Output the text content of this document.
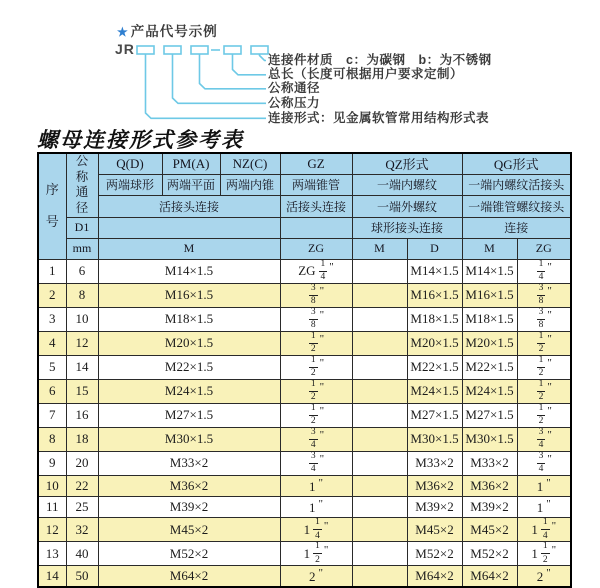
★ 产品代号示例
JR
连接件材质　c：为碳钢　b：为不锈钢
总长（长度可根据用户要求定制）
公称通径
公称压力
连接形式：见金属软管常用结构形式表
螺母连接形式参考表
序号	公称通径	Q(D)	PM(A)	NZ(C)	GZ	QZ形式		QG形式	
		两端球形	两端平面	两端内锥	两端锥管	一端内螺纹		一端内螺纹活接头	
		活接头连接			活接头连接	一端外螺纹		一端锥管螺纹接头	
	D1					球形接头连接		连接	
	mm	M			ZG	M	D	M	ZG
1	6	M14×1.5			ZG $\frac{1}{4}$ "		M14×1.5	M14×1.5	$\frac{1}{4}$ "
2	8	M16×1.5			$\frac{3}{8}$ "		M16×1.5	M16×1.5	$\frac{3}{8}$ "
3	10	M18×1.5			$\frac{3}{8}$ "		M18×1.5	M18×1.5	$\frac{3}{8}$ "
4	12	M20×1.5			$\frac{1}{2}$ "		M20×1.5	M20×1.5	$\frac{1}{2}$ "
5	14	M22×1.5			$\frac{1}{2}$ "		M22×1.5	M22×1.5	$\frac{1}{2}$ "
6	15	M24×1.5			$\frac{1}{2}$ "		M24×1.5	M24×1.5	$\frac{1}{2}$ "
7	16	M27×1.5			$\frac{1}{2}$ "		M27×1.5	M27×1.5	$\frac{1}{2}$ "
8	18	M30×1.5			$\frac{3}{4}$ "		M30×1.5	M30×1.5	$\frac{3}{4}$ "
9	20	M33×2			$\frac{3}{4}$ "		M33×2	M33×2	$\frac{3}{4}$ "
10	22	M36×2			1 "		M36×2	M36×2	1 "
11	25	M39×2			1 "		M39×2	M39×2	1 "
12	32	M45×2			$1 \frac{1}{4}$ "		M45×2	M45×2	$1 \frac{1}{4}$ "
13	40	M52×2			$1 \frac{1}{2}$ "		M52×2	M52×2	$1 \frac{1}{2}$ "
14	50	M64×2			2 "		M64×2	M64×2	2 "
